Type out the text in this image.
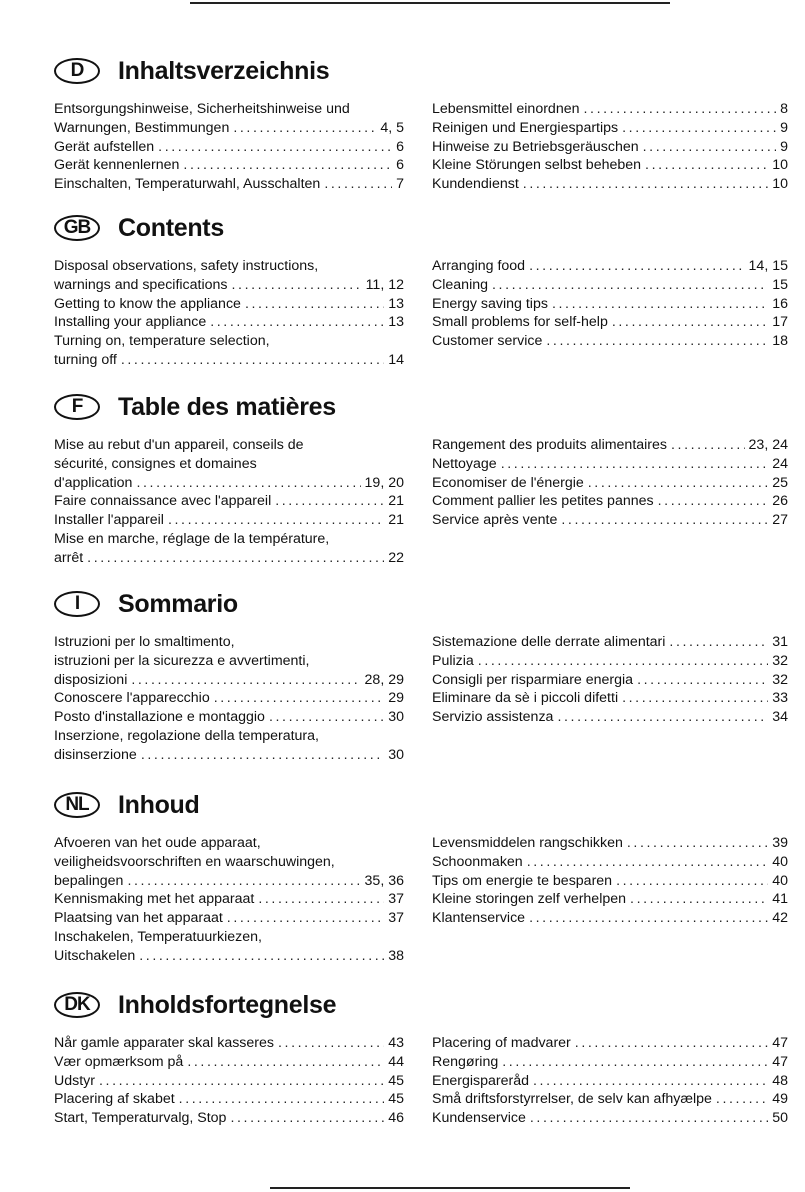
D	Inhaltsverzeichnis
Entsorgungshinweise, Sicherheitshinweise und
Warnungen, Bestimmungen .....	4, 5
Gerät aufstellen .....	6
Gerät kennenlernen .....	6
Einschalten, Temperaturwahl, Ausschalten .....	7
Lebensmittel einordnen .....	8
Reinigen und Energiespartips .....	9
Hinweise zu Betriebsgeräuschen .....	9
Kleine Störungen selbst beheben .....	10
Kundendienst .....	10
GB	Contents
Disposal observations, safety instructions,
warnings and specifications .....	11, 12
Getting to know the appliance .....	13
Installing your appliance .....	13
Turning on, temperature selection,
turning off .....	14
Arranging food .....	14, 15
Cleaning .....	15
Energy saving tips .....	16
Small problems for self-help .....	17
Customer service .....	18
F	Table des matières
Mise au rebut d'un appareil, conseils de
sécurité, consignes et domaines
d'application .....	19, 20
Faire connaissance avec l'appareil .....	21
Installer l'appareil .....	21
Mise en marche, réglage de la température,
arrêt .....	22
Rangement des produits alimentaires .....	23, 24
Nettoyage .....	24
Economiser de l'énergie .....	25
Comment pallier les petites pannes .....	26
Service après vente .....	27
I	Sommario
Istruzioni per lo smaltimento,
istruzioni per la sicurezza e avvertimenti,
disposizioni .....	28, 29
Conoscere l'apparecchio .....	29
Posto d'installazione e montaggio .....	30
Inserzione, regolazione della temperatura,
disinserzione .....	30
Sistemazione delle derrate alimentari .....	31
Pulizia .....	32
Consigli per risparmiare energia .....	32
Eliminare da sè i piccoli difetti .....	33
Servizio assistenza .....	34
NL	Inhoud
Afvoeren van het oude apparaat,
veiligheidsvoorschriften en waarschuwingen,
bepalingen .....	35, 36
Kennismaking met het apparaat .....	37
Plaatsing van het apparaat .....	37
Inschakelen, Temperatuurkiezen,
Uitschakelen .....	38
Levensmiddelen rangschikken .....	39
Schoonmaken .....	40
Tips om energie te besparen .....	40
Kleine storingen zelf verhelpen .....	41
Klantenservice .....	42
DK	Inholdsfortegnelse
Når gamle apparater skal kasseres .....	43
Vær opmærksom på .....	44
Udstyr .....	45
Placering af skabet .....	45
Start, Temperaturvalg, Stop .....	46
Placering of madvarer .....	47
Rengøring .....	47
Energisparеråd .....	48
Små driftsforstyrrelser, de selv kan afhyælpe .....	49
Kundenservice .....	50
